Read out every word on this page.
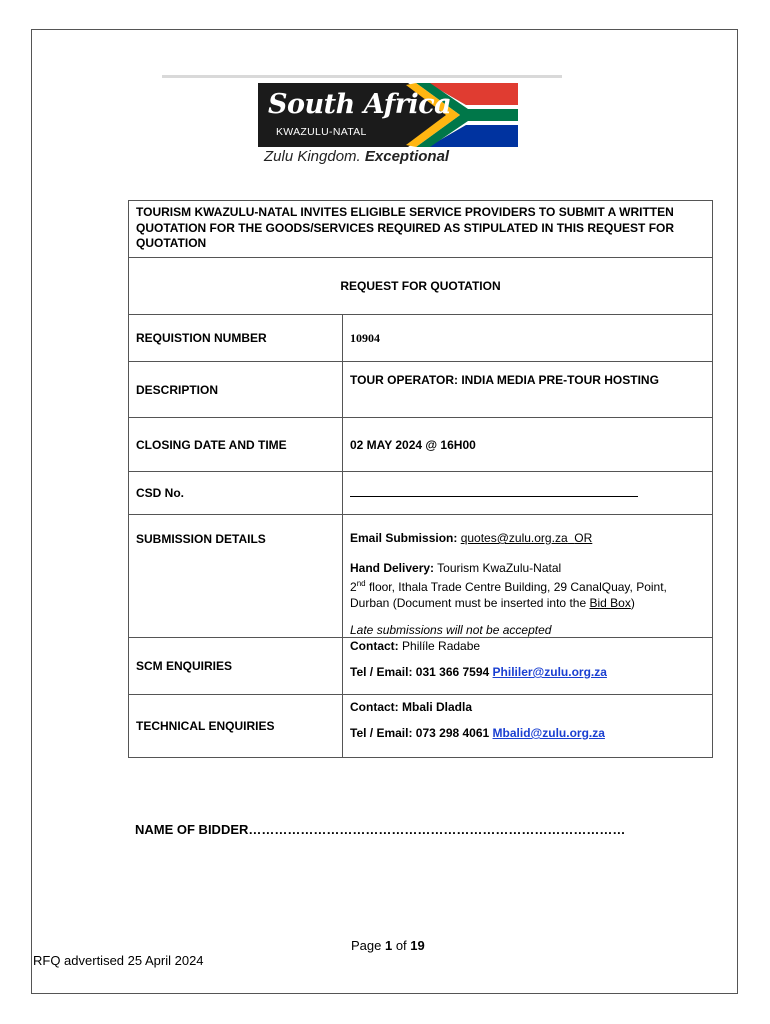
South Africa
KWAZULU-NATAL
Zulu Kingdom. Exceptional
TOURISM KWAZULU-NATAL INVITES ELIGIBLE SERVICE PROVIDERS TO SUBMIT A WRITTEN QUOTATION FOR THE GOODS/SERVICES REQUIRED AS STIPULATED IN THIS REQUEST FOR QUOTATION	
REQUEST FOR QUOTATION	
REQUISTION NUMBER	10904
DESCRIPTION	TOUR OPERATOR: INDIA MEDIA PRE-TOUR HOSTING
CLOSING DATE AND TIME	02 MAY 2024 @ 16H00
CSD No.	
SUBMISSION DETAILS	Email Submission: quotes@zulu.org.za OR
Hand Delivery: Tourism KwaZulu-Natal
2nd floor, Ithala Trade Centre Building, 29 CanalQuay, Point,
Durban (Document must be inserted into the Bid Box)
Late submissions will not be accepted

SCM ENQUIRIES	Contact: Philíle Radabe
Tel / Email: 031 366 7594 Phililer@zulu.org.za

TECHNICAL ENQUIRIES	Contact: Mbali Dladla
Tel / Email: 073 298 4061 Mbalid@zulu.org.za
NAME OF BIDDER……………………………………………………………………………
Page 1 of 19
RFQ advertised 25 April 2024
